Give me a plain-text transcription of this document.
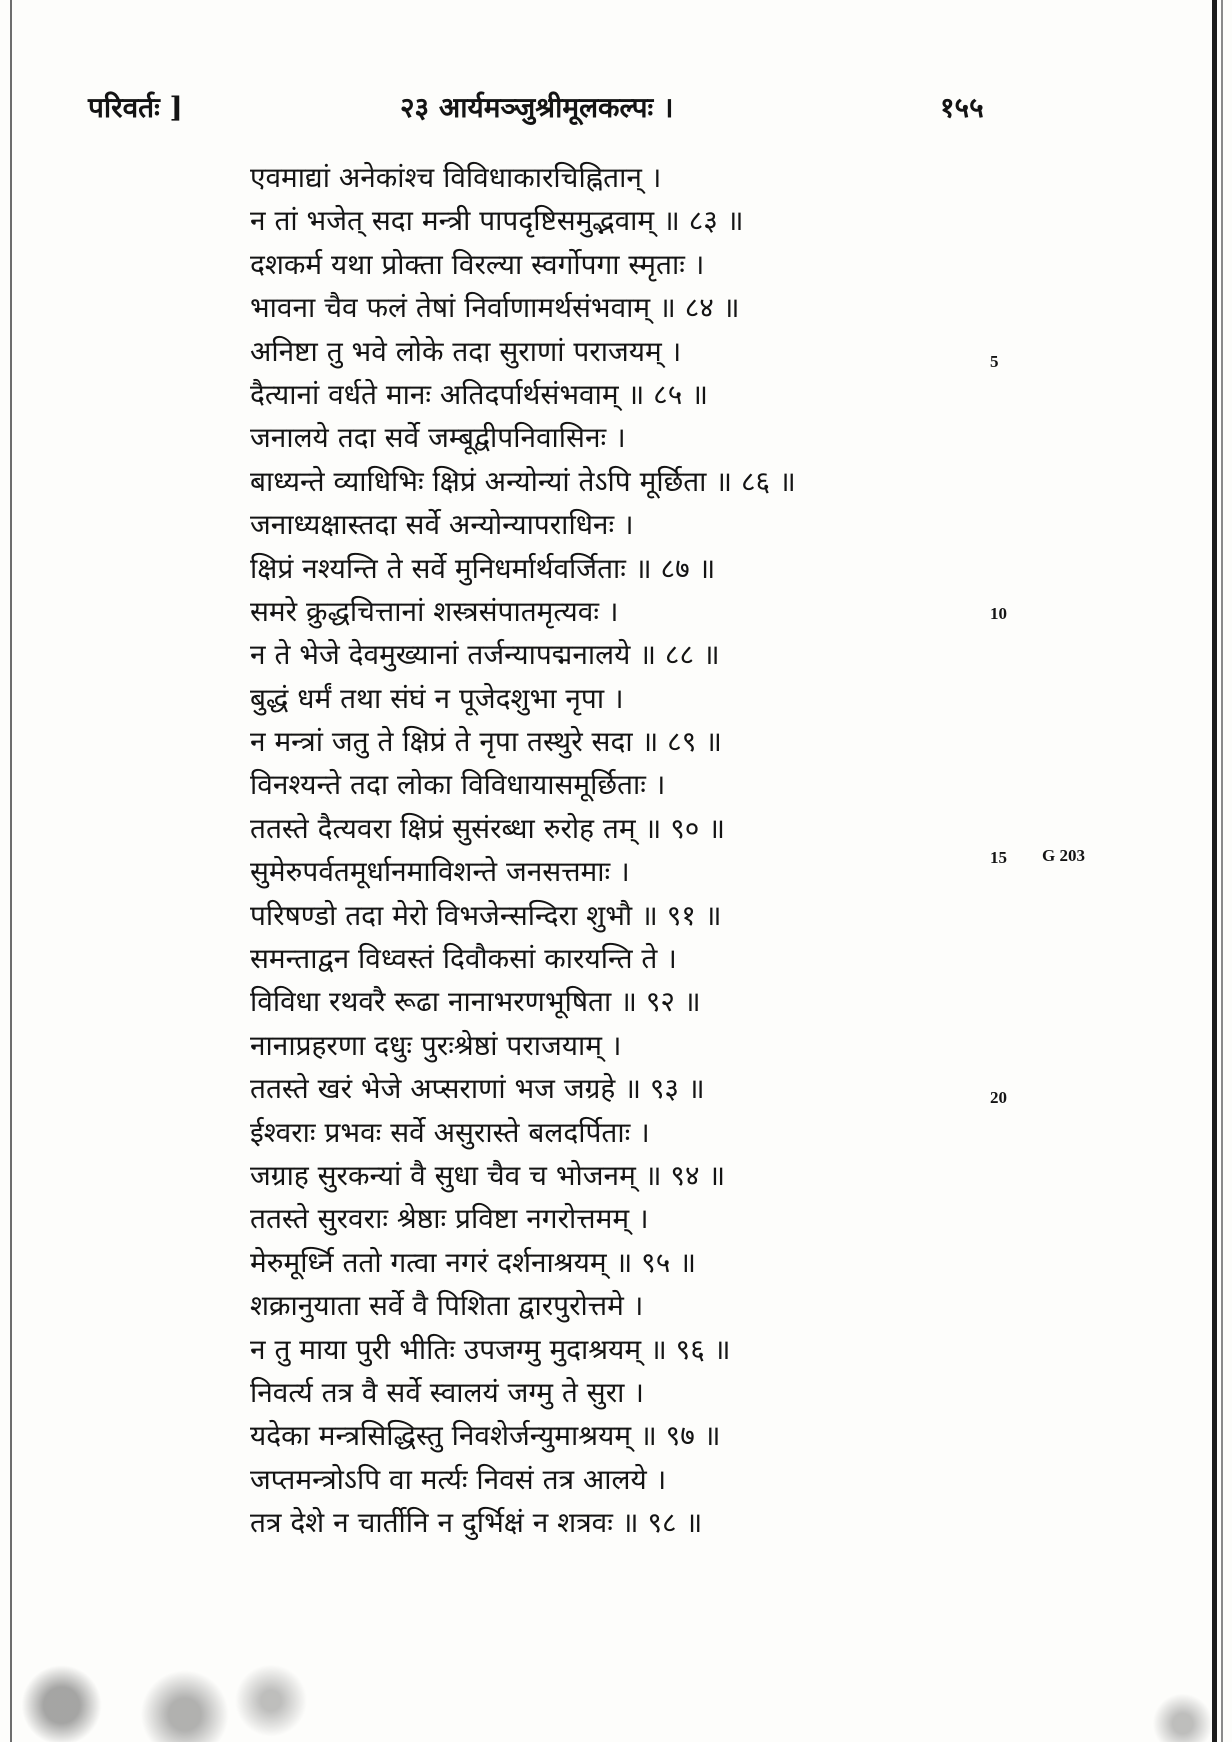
परिवर्तः ]	२३ आर्यमञ्जुश्रीमूलकल्पः ।	१५५
एवमाद्यां अनेकांश्च विविधाकारचिह्नितान् ।
न तां भजेत् सदा मन्त्री पापदृष्टिसमुद्भवाम् ॥ ८३ ॥
दशकर्म यथा प्रोक्ता विरल्या स्वर्गोपगा स्मृताः ।
भावना चैव फलं तेषां निर्वाणामर्थसंभवाम् ॥ ८४ ॥
अनिष्टा तु भवे लोके तदा सुराणां पराजयम् ।
दैत्यानां वर्धते मानः अतिदर्पार्थसंभवाम् ॥ ८५ ॥
जनालये तदा सर्वे जम्बूद्वीपनिवासिनः ।
बाध्यन्ते व्याधिभिः क्षिप्रं अन्योन्यां तेऽपि मूर्छिता ॥ ८६ ॥
जनाध्यक्षास्तदा सर्वे अन्योन्यापराधिनः ।
क्षिप्रं नश्यन्ति ते सर्वे मुनिधर्मार्थवर्जिताः ॥ ८७ ॥
समरे क्रुद्धचित्तानां शस्त्रसंपातमृत्यवः ।
न ते भेजे देवमुख्यानां तर्जन्यापद्मनालये ॥ ८८ ॥
बुद्धं धर्मं तथा संघं न पूजेदशुभा नृपा ।
न मन्त्रां जतु ते क्षिप्रं ते नृपा तस्थुरे सदा ॥ ८९ ॥
विनश्यन्ते तदा लोका विविधायासमूर्छिताः ।
ततस्ते दैत्यवरा क्षिप्रं सुसंरब्धा रुरोह तम् ॥ ९० ॥
सुमेरुपर्वतमूर्धानमाविशन्ते जनसत्तमाः ।
परिषण्डो तदा मेरो विभजेन्सन्दिरा शुभौ ॥ ९१ ॥
समन्ताद्वन विध्वस्तं दिवौकसां कारयन्ति ते ।
विविधा रथवरै रूढा नानाभरणभूषिता ॥ ९२ ॥
नानाप्रहरणा दधुः पुरःश्रेष्ठां पराजयाम् ।
ततस्ते खरं भेजे अप्सराणां भज जग्रहे ॥ ९३ ॥
ईश्वराः प्रभवः सर्वे असुरास्ते बलदर्पिताः ।
जग्राह सुरकन्यां वै सुधा चैव च भोजनम् ॥ ९४ ॥
ततस्ते सुरवराः श्रेष्ठाः प्रविष्टा नगरोत्तमम् ।
मेरुमूर्ध्नि ततो गत्वा नगरं दर्शनाश्रयम् ॥ ९५ ॥
शक्रानुयाता सर्वे वै पिशिता द्वारपुरोत्तमे ।
न तु माया पुरी भीतिः उपजग्मु मुदाश्रयम् ॥ ९६ ॥
निवर्त्य तत्र वै सर्वे स्वालयं जग्मु ते सुरा ।
यदेका मन्त्रसिद्धिस्तु निवशेर्जन्युमाश्रयम् ॥ ९७ ॥
जप्तमन्त्रोऽपि वा मर्त्यः निवसं तत्र आलये ।
तत्र देशे न चार्तीनि न दुर्भिक्षं न शत्रवः ॥ ९८ ॥
5
10
15 G 203
20
